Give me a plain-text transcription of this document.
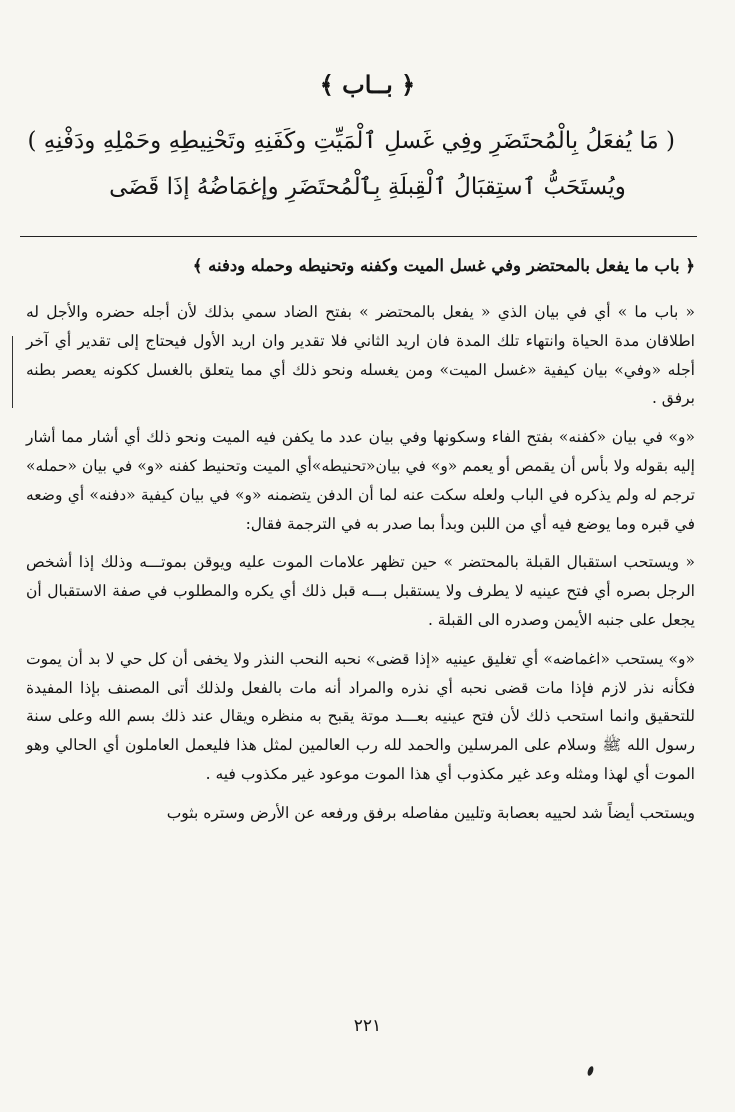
﴿ بــاب ﴾
( مَا يُفعَلُ بِالْمُحتَضَرِ وفِي غَسلِ ٱلْمَيِّتِ وكَفَنِهِ وتَحْنِيطِهِ وحَمْلِهِ ودَفْنِهِ )
ويُستَحَبُّ ٱستِقبَالُ ٱلْقِبلَةِ بِٱلْمُحتَضَرِ وإغمَاضُهُ إذَا قَضَى
﴿ باب ما يفعل بالمحتضر وفي غسل الميت وكفنه وتحنيطه وحمله ودفنه ﴾

« باب ما » أي في بيان الذي « يفعل بالمحتضر » بفتح الضاد سمي بذلك لأن أجله حضره والأجل له اطلاقان مدة الحياة وانتهاء تلك المدة فان اريد الثاني فلا تقدير وان اريد الأول فيحتاج إلى تقدير أي آخر أجله «وفي» بيان كيفية «غسل الميت» ومن يغسله ونحو ذلك أي مما يتعلق بالغسل ككونه يعصر بطنه برفق .

«و» في بيان «كفنه» بفتح الفاء وسكونها وفي بيان عدد ما يكفن فيه الميت ونحو ذلك أي أشار مما أشار إليه بقوله ولا بأس أن يقمص أو يعمم «و» في بيان«تحنيطه»أي الميت وتحنيط كفنه «و» في بيان «حمله» ترجم له ولم يذكره في الباب ولعله سكت عنه لما أن الدفن يتضمنه «و» في بيان كيفية «دفنه» أي وضعه في قبره وما يوضع فيه أي من اللبن وبدأ بما صدر به في الترجمة فقال:

« ويستحب استقبال القبلة بالمحتضر » حين تظهر علامات الموت عليه ويوقن بموتـــه وذلك إذا أشخص الرجل بصره أي فتح عينيه لا يطرف ولا يستقبل بـــه قبل ذلك أي يكره والمطلوب في صفة الاستقبال أن يجعل على جنبه الأيمن وصدره الى القبلة .

«و» يستحب «اغماضه» أي تغليق عينيه «إذا قضى» نحبه النحب النذر ولا يخفى أن كل حي لا بد أن يموت فكأنه نذر لازم فإذا مات قضى نحبه أي نذره والمراد أنه مات بالفعل ولذلك أتى المصنف بإذا المفيدة للتحقيق وانما استحب ذلك لأن فتح عينيه بعـــد موتة يقبح به منظره ويقال عند ذلك بسم الله وعلى سنة رسول الله ﷺ وسلام على المرسلين والحمد لله رب العالمين لمثل هذا فليعمل العاملون أي الحالي وهو الموت أي لهذا ومثله وعد غير مكذوب أي هذا الموت موعود غير مكذوب فيه .

ويستحب أيضاً شد لحييه بعصابة وتليين مفاصله برفق ورفعه عن الأرض وستره بثوب

٢٢١
